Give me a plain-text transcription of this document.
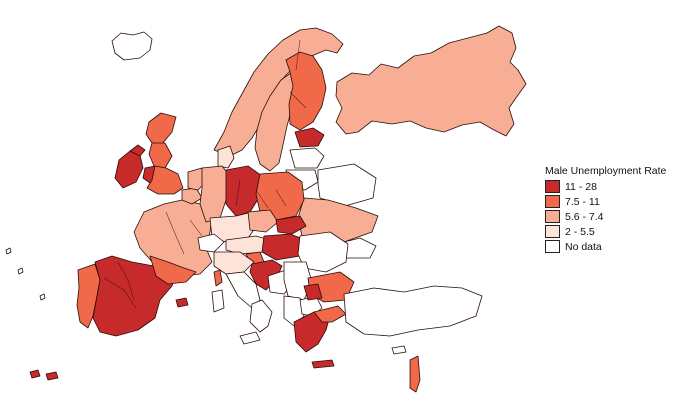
Male Unemployment Rate
11 - 28
7.5 - 11
5.6 - 7.4
2 - 5.5
No data
